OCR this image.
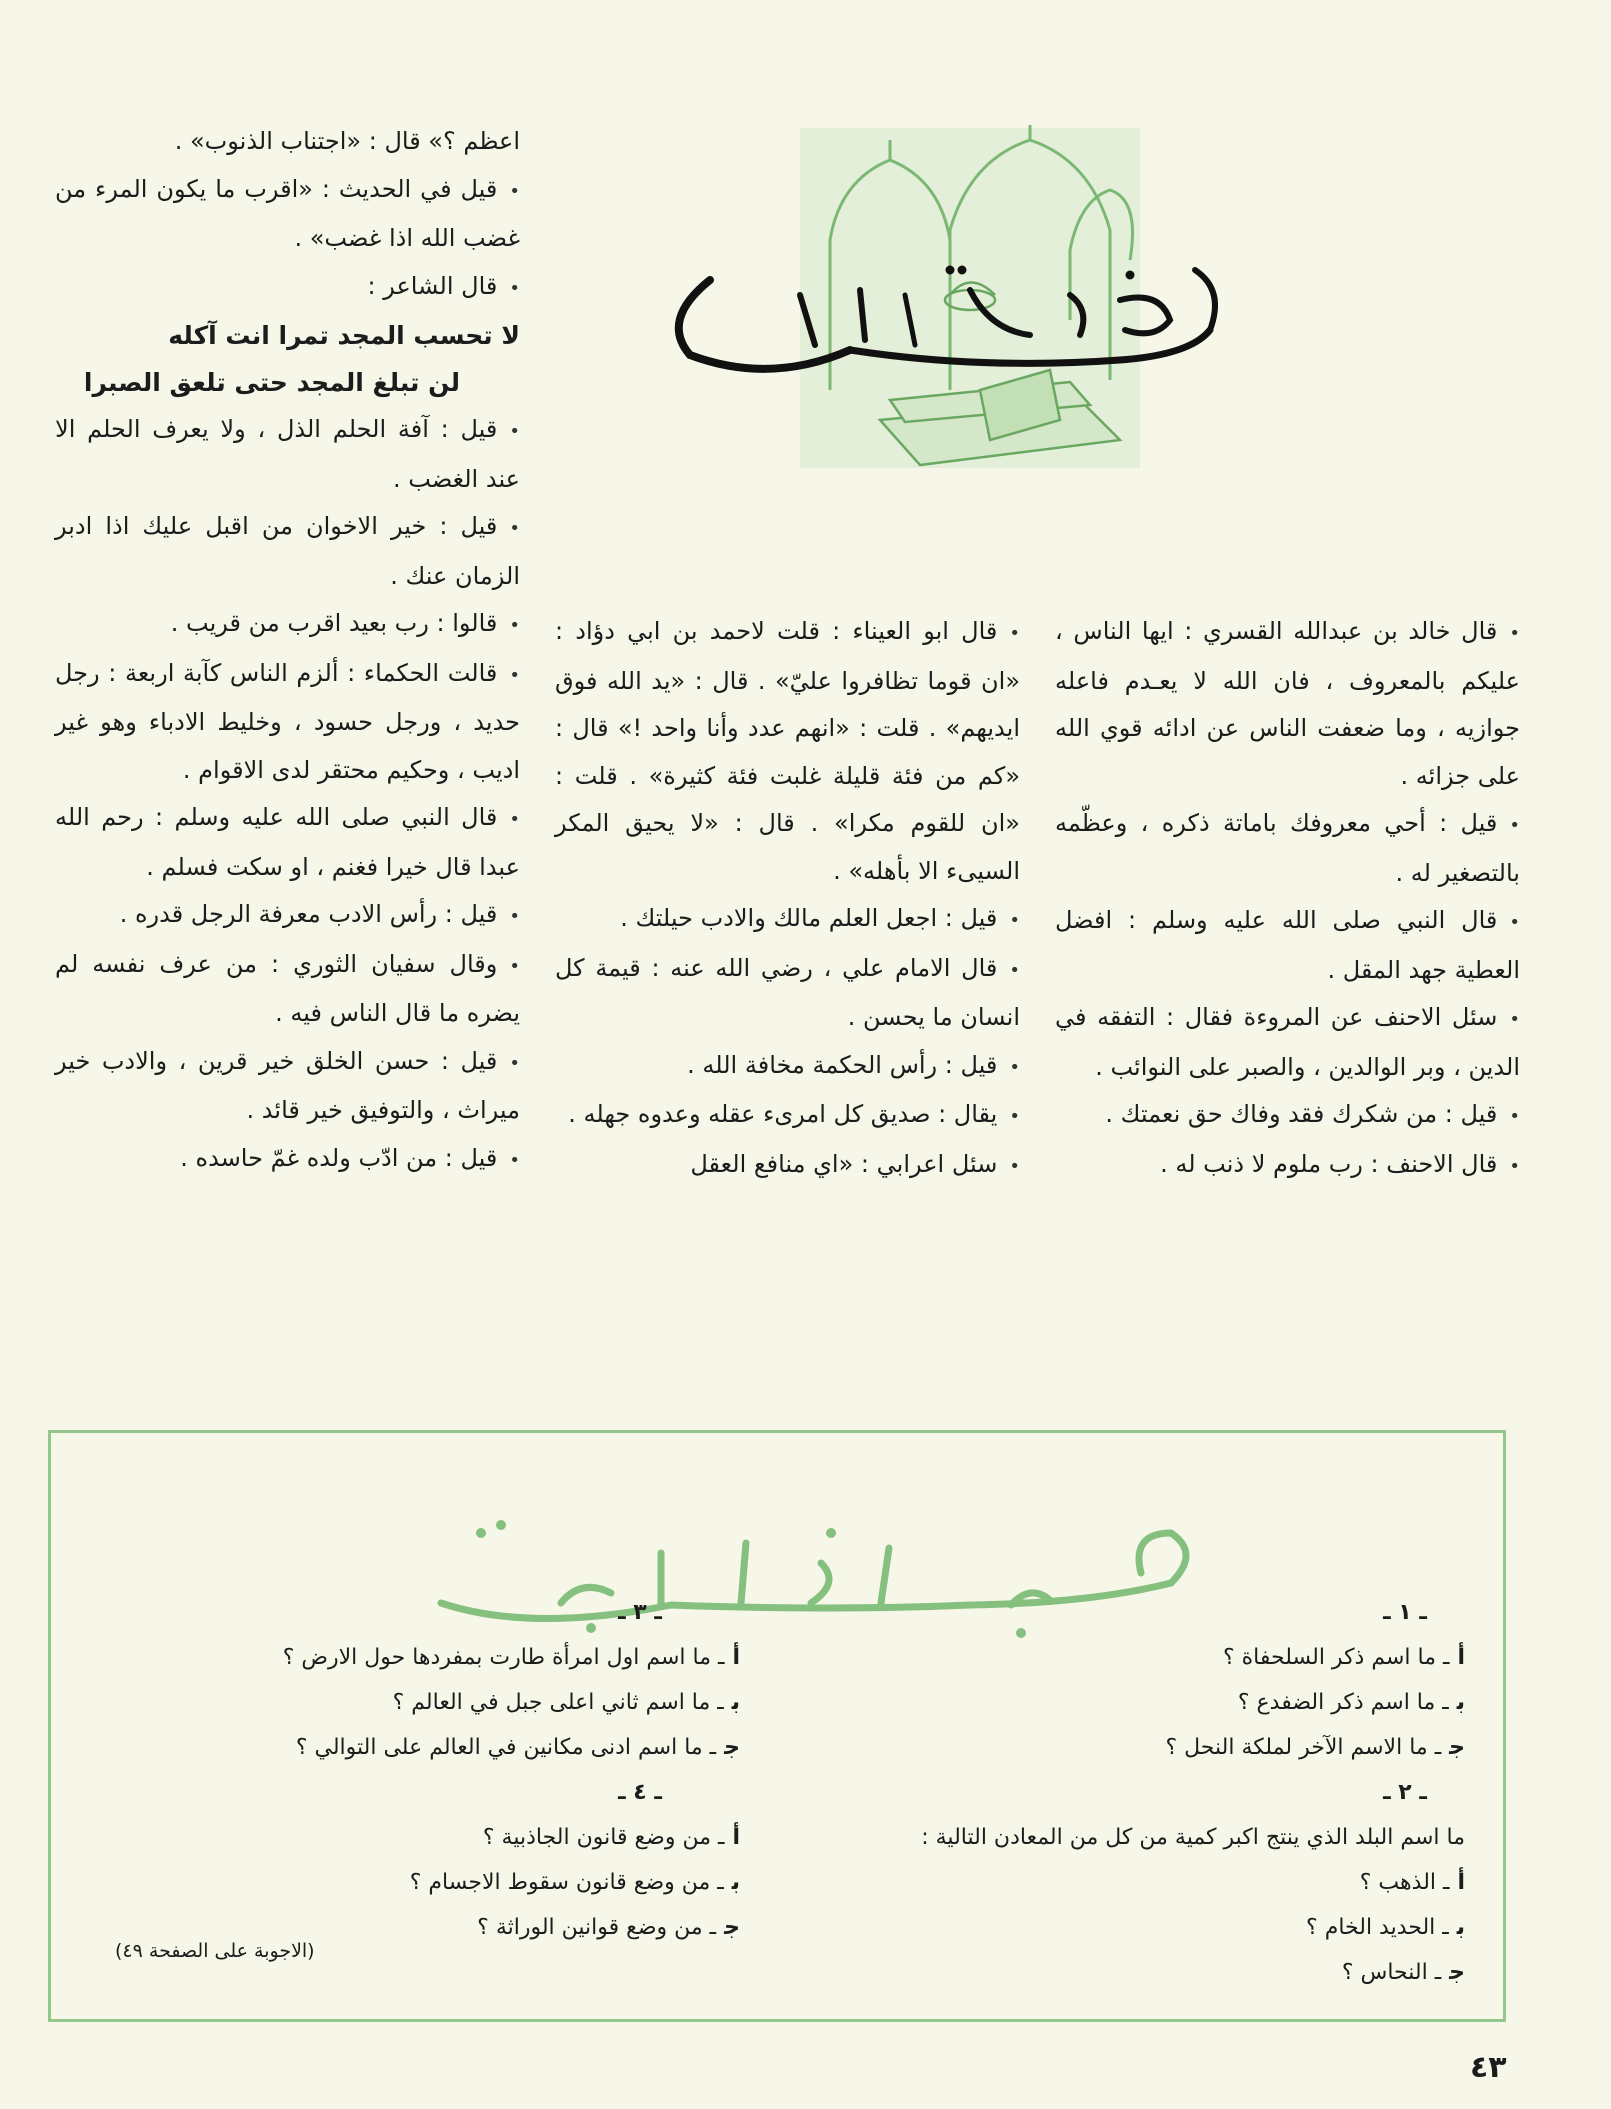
اعظم ؟» قال : «اجتناب الذنوب» .

•قيل في الحديث : «اقرب ما يكون المرء من غضب الله اذا غضب» .

•قال الشاعر :

لا تحسب المجد تمرا انت آكله
لن تبلغ المجد حتى تلعق الصبرا

•قيل : آفة الحلم الذل ، ولا يعرف الحلم الا عند الغضب .

•قيل : خير الاخوان من اقبل عليك اذا ادبر الزمان عنك .

•قالوا : رب بعيد اقرب من قريب .

•قالت الحكماء : ألزم الناس كآبة اربعة : رجل حديد ، ورجل حسود ، وخليط الادباء وهو غير اديب ، وحكيم محتقر لدى الاقوام .

•قال النبي صلى الله عليه وسلم : رحم الله عبدا قال خيرا فغنم ، او سكت فسلم .

•قيل : رأس الادب معرفة الرجل قدره .

•وقال سفيان الثوري : من عرف نفسه لم يضره ما قال الناس فيه .

•قيل : حسن الخلق خير قرين ، والادب خير ميراث ، والتوفيق خير قائد .

•قيل : من ادّب ولده غمّ حاسده .

•قال ابو العيناء : قلت لاحمد بن ابي دؤاد : «ان قوما تظافروا عليّ» . قال : «يد الله فوق ايديهم» . قلت : «انهم عدد وأنا واحد !» قال : «كم من فئة قليلة غلبت فئة كثيرة» . قلت : «ان للقوم مكرا» . قال : «لا يحيق المكر السيىء الا بأهله» .

•قيل : اجعل العلم مالك والادب حيلتك .

•قال الامام علي ، رضي الله عنه : قيمة كل انسان ما يحسن .

•قيل : رأس الحكمة مخافة الله .

•يقال : صديق كل امرىء عقله وعدوه جهله .

•سئل اعرابي : «اي منافع العقل

•قال خالد بن عبدالله القسري : ايها الناس ، عليكم بالمعروف ، فان الله لا يعـدم فاعله جوازيه ، وما ضعفت الناس عن ادائه قوي الله على جزائه .

•قيل : أحي معروفك باماتة ذكره ، وعظّمه بالتصغير له .

•قال النبي صلى الله عليه وسلم : افضل العطية جهد المقل .

•سئل الاحنف عن المروءة فقال : التفقه في الدين ، وبر الوالدين ، والصبر على النوائب .

•قيل : من شكرك فقد وفاك حق نعمتك .

•قال الاحنف : رب ملوم لا ذنب له .

ـ ١ ـ
أـ ما اسم ذكر السلحفاة ؟
بـ ما اسم ذكر الضفدع ؟
جـ ما الاسم الآخر لملكة النحل ؟
ـ ٢ ـ
ما اسم البلد الذي ينتج اكبر كمية من كل من المعادن التالية :
أـ الذهب ؟
بـ الحديد الخام ؟
جـ النحاس ؟
ـ ٣ ـ
أـ ما اسم اول امرأة طارت بمفردها حول الارض ؟
بـ ما اسم ثاني اعلى جبل في العالم ؟
جـ ما اسم ادنى مكانين في العالم على التوالي ؟
ـ ٤ ـ
أـ من وضع قانون الجاذبية ؟
بـ من وضع قانون سقوط الاجسام ؟
جـ من وضع قوانين الوراثة ؟
(الاجوبة على الصفحة ٤٩)
٤٣
